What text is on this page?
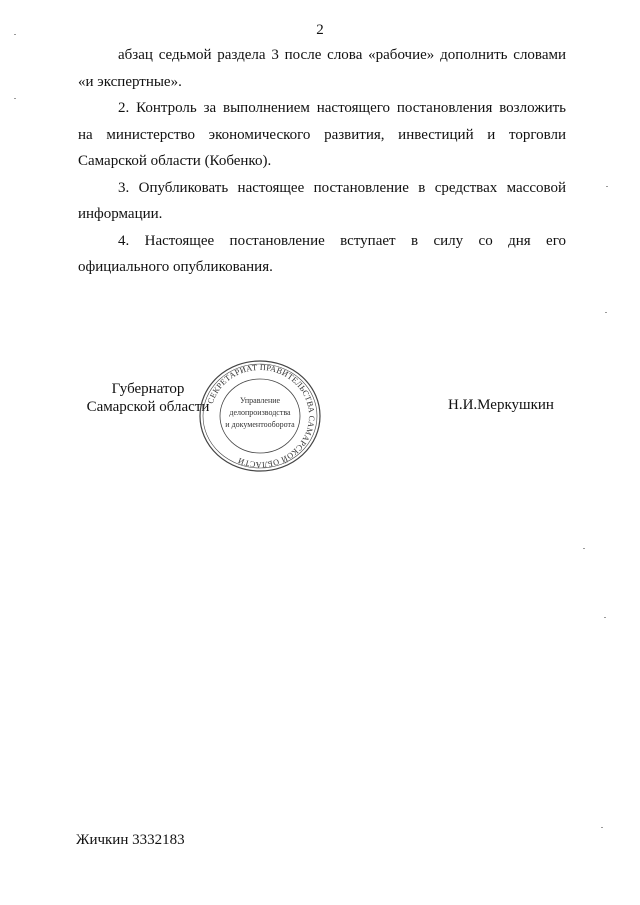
2

абзац седьмой раздела 3 после слова «рабочие» дополнить словами

«и экспертные».

2. Контроль за выполнением настоящего постановления возложить

на министерство экономического развития, инвестиций и торговли

Самарской области (Кобенко).

3. Опубликовать настоящее постановление в средствах массовой

информации.

4. Настоящее постановление вступает в силу со дня его

официального опубликования.

Губернатор
Самарской области
СЕКРЕТАРИАТ ПРАВИТЕЛЬСТВА САМАРСКОЙ ОБЛАСТИ
Управление
делопроизводства
и документооборота
Н.И.Меркушкин
Жичкин 3332183
